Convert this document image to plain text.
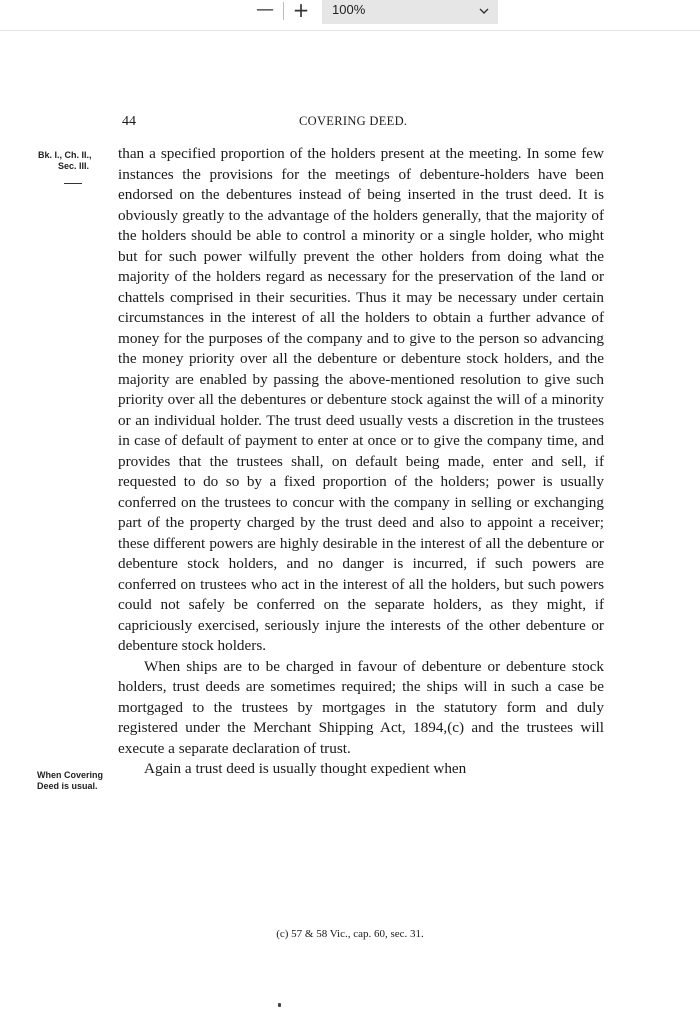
— + 100%
44	COVERING DEED.
Bk. I., Ch. II.,
Sec. III.
When Covering
Deed is usual.

than a specified proportion of the holders present at the meeting. In some few instances the provisions for the meetings of debenture-holders have been endorsed on the debentures instead of being inserted in the trust deed. It is obviously greatly to the advantage of the holders generally, that the majority of the holders should be able to control a minority or a single holder, who might but for such power wilfully prevent the other holders from doing what the majority of the holders regard as necessary for the preservation of the land or chattels comprised in their securities. Thus it may be necessary under certain circumstances in the interest of all the holders to obtain a further advance of money for the purposes of the company and to give to the person so advancing the money priority over all the debenture or debenture stock holders, and the majority are enabled by passing the above-mentioned resolution to give such priority over all the debentures or debenture stock against the will of a minority or an individual holder. The trust deed usually vests a discretion in the trustees in case of default of payment to enter at once or to give the company time, and provides that the trustees shall, on default being made, enter and sell, if requested to do so by a fixed proportion of the holders; power is usually conferred on the trustees to concur with the company in selling or exchanging part of the property charged by the trust deed and also to appoint a receiver; these different powers are highly desirable in the interest of all the debenture or debenture stock holders, and no danger is incurred, if such powers are conferred on trustees who act in the interest of all the holders, but such powers could not safely be conferred on the separate holders, as they might, if capriciously exercised, seriously injure the interests of the other debenture or debenture stock holders.

When ships are to be charged in favour of debenture or debenture stock holders, trust deeds are sometimes required; the ships will in such a case be mortgaged to the trustees by mortgages in the statutory form and duly registered under the Merchant Shipping Act, 1894,(c) and the trustees will execute a separate declaration of trust.

Again a trust deed is usually thought expedient when

(c) 57 & 58 Vic., cap. 60, sec. 31.
